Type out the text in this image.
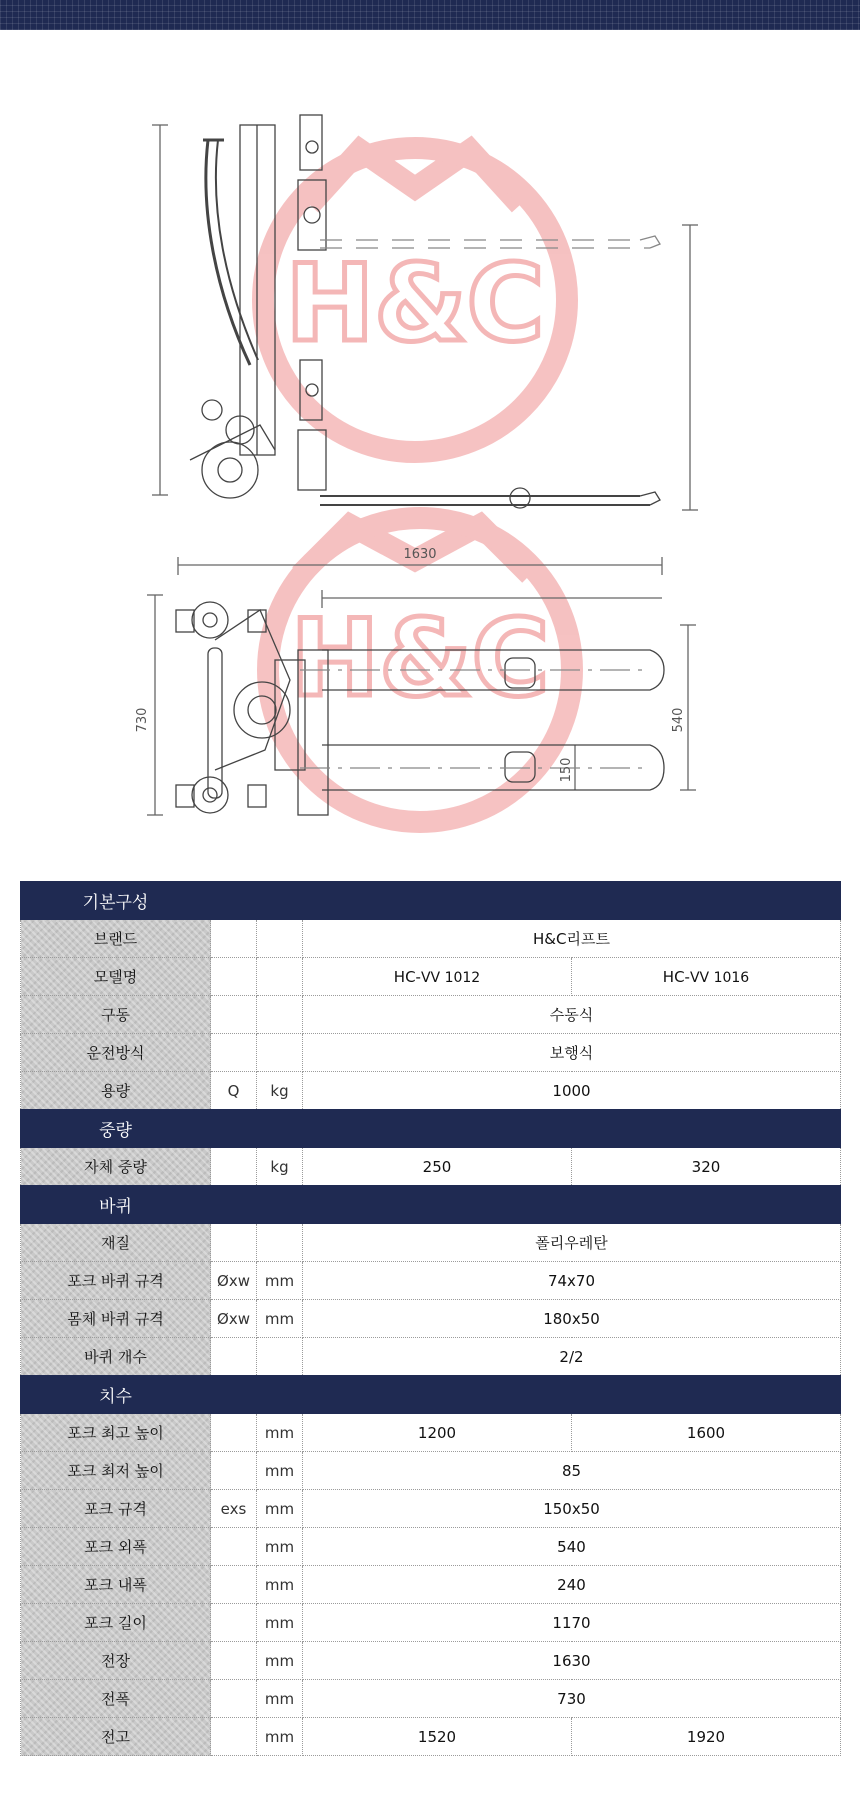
H&C
H&C
1630
730	540
150
기본구성				
브랜드			H&C리프트	
모델명			HC-VV 1012	HC-VV 1016
구동			수동식	
운전방식			보행식	
용량	Q	kg	1000	
중량				
자체 중량		kg	250	320
바퀴				
재질			폴리우레탄	
포크 바퀴 규격	Øxw	mm	74x70	
몸체 바퀴 규격	Øxw	mm	180x50	
바퀴 개수			2/2	
치수				
포크 최고 높이		mm	1200	1600
포크 최저 높이		mm	85	
포크 규격	exs	mm	150x50	
포크 외폭		mm	540	
포크 내폭		mm	240	
포크 길이		mm	1170	
전장		mm	1630	
전폭		mm	730	
전고		mm	1520	1920
